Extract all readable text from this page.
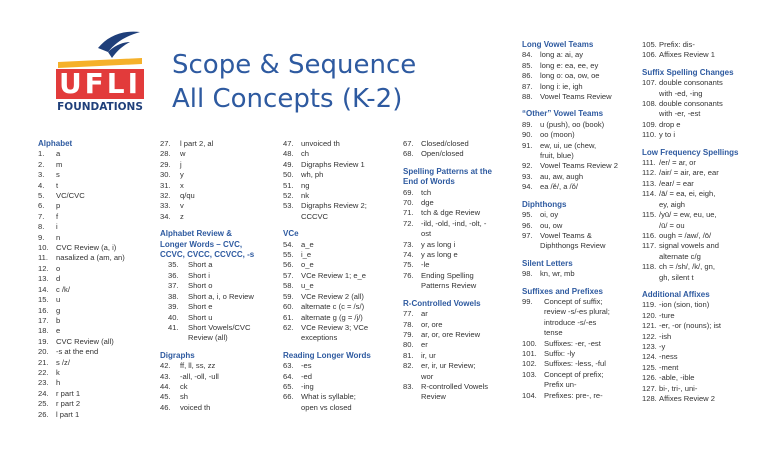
UFLI
FOUNDATIONS
Scope & Sequence
All Concepts (K-2)
Alphabet
1.	a
2.	m
3.	s
4.	t
5.	VC/CVC
6.	p
7.	f
8.	i
9.	n
10. CVC Review (a, i)
11.	nasalized a (am, an)
12. o
13. d
14. c /k/
15. u
16. g
17. b
18. e
19. CVC Review (all)
20. -s at the end
21. s /z/
22. k
23. h
24. r part 1
25. r part 2
26. l part 1
27.	l part 2, al
28.	w
29.	j
30.	y
31.	x
32.	q/qu
33.	v
34.	z
Alphabet Review &
Longer Words – CVC,
CCVC, CVCC, CCVCC, -s
35.	Short a
36.	Short i
37.	Short o
38.	Short a, i, o Review
39.	Short e
40.	Short u
41.	Short Vowels/CVC
Review (all)
Digraphs
42.	ff, ll, ss, zz
43.	-all, -oll, -ull
44.	ck
45.	sh
46.	voiced th
47. unvoiced th
48. ch
49. Digraphs Review 1
50. wh, ph
51. ng
52. nk
53. Digraphs Review 2;
CCCVC
VCe
54. a_e
55. i_e
56. o_e
57. VCe Review 1; e_e
58. u_e
59. VCe Review 2 (all)
60. alternate c (c = /s/)
61. alternate g (g = /j/)
62. VCe Review 3; VCe
exceptions
Reading Longer Words
63. -es
64. -ed
65. -ing
66. What is syllable;
open vs closed
67. Closed/closed
68. Open/closed
Spelling Patterns at the
End of Words
69. tch
70. dge
71. tch & dge Review
72. -ild, -old, -ind, -olt, -
ost
73. y as long i
74. y as long e
75. -le
76. Ending Spelling
Patterns Review
R-Controlled Vowels
77. ar
78. or, ore
79. ar, or, ore Review
80. er
81. ir, ur
82. er, ir, ur Review;
wor
83. R-controlled Vowels
Review
Long Vowel Teams
84. long a: ai, ay
85. long e: ea, ee, ey
86. long o: oa, ow, oe
87. long i: ie, igh
88. Vowel Teams Review
“Other” Vowel Teams
89. u (push), oo (book)
90. oo (moon)
91. ew, ui, ue (chew,
fruit, blue)
92. Vowel Teams Review 2
93. au, aw, augh
94. ea /ĕ/, a /ŏ/
Diphthongs
95. oi, oy
96. ou, ow
97. Vowel Teams &
Diphthongs Review
Silent Letters
98. kn, wr, mb
Suffixes and Prefixes
99.	Concept of suffix;
review -s/-es plural;
introduce -s/-es
tense
100. Suffixes: -er, -est
101. Suffix: -ly
102. Suffixes: -less, -ful
103. Concept of prefix;
Prefix un-
104. Prefixes: pre-, re-
105. Prefix: dis-
106. Affixes Review 1
Suffix Spelling Changes
107. double consonants
with -ed, -ing
108. double consonants
with -er, -est
109. drop e
110. y to i
Low Frequency Spellings
111. /er/ = ar, or
112. /air/ = air, are, ear
113. /ear/ = ear
114. /ā/ = ea, ei, eigh,
ey, aigh
115. /yū/ = ew, eu, ue,
/ū/ = ou
116. ough = /aw/, /ō/
117. signal vowels and
alternate c/g
118. ch = /sh/, /k/, gn,
gh, silent t
Additional Affixes
119. -ion (sion, tion)
120. -ture
121. -er, -or (nouns); ist
122. -ish
123. -y
124. -ness
125. -ment
126. -able, -ible
127. bi-, tri-, uni-
128. Affixes Review 2
